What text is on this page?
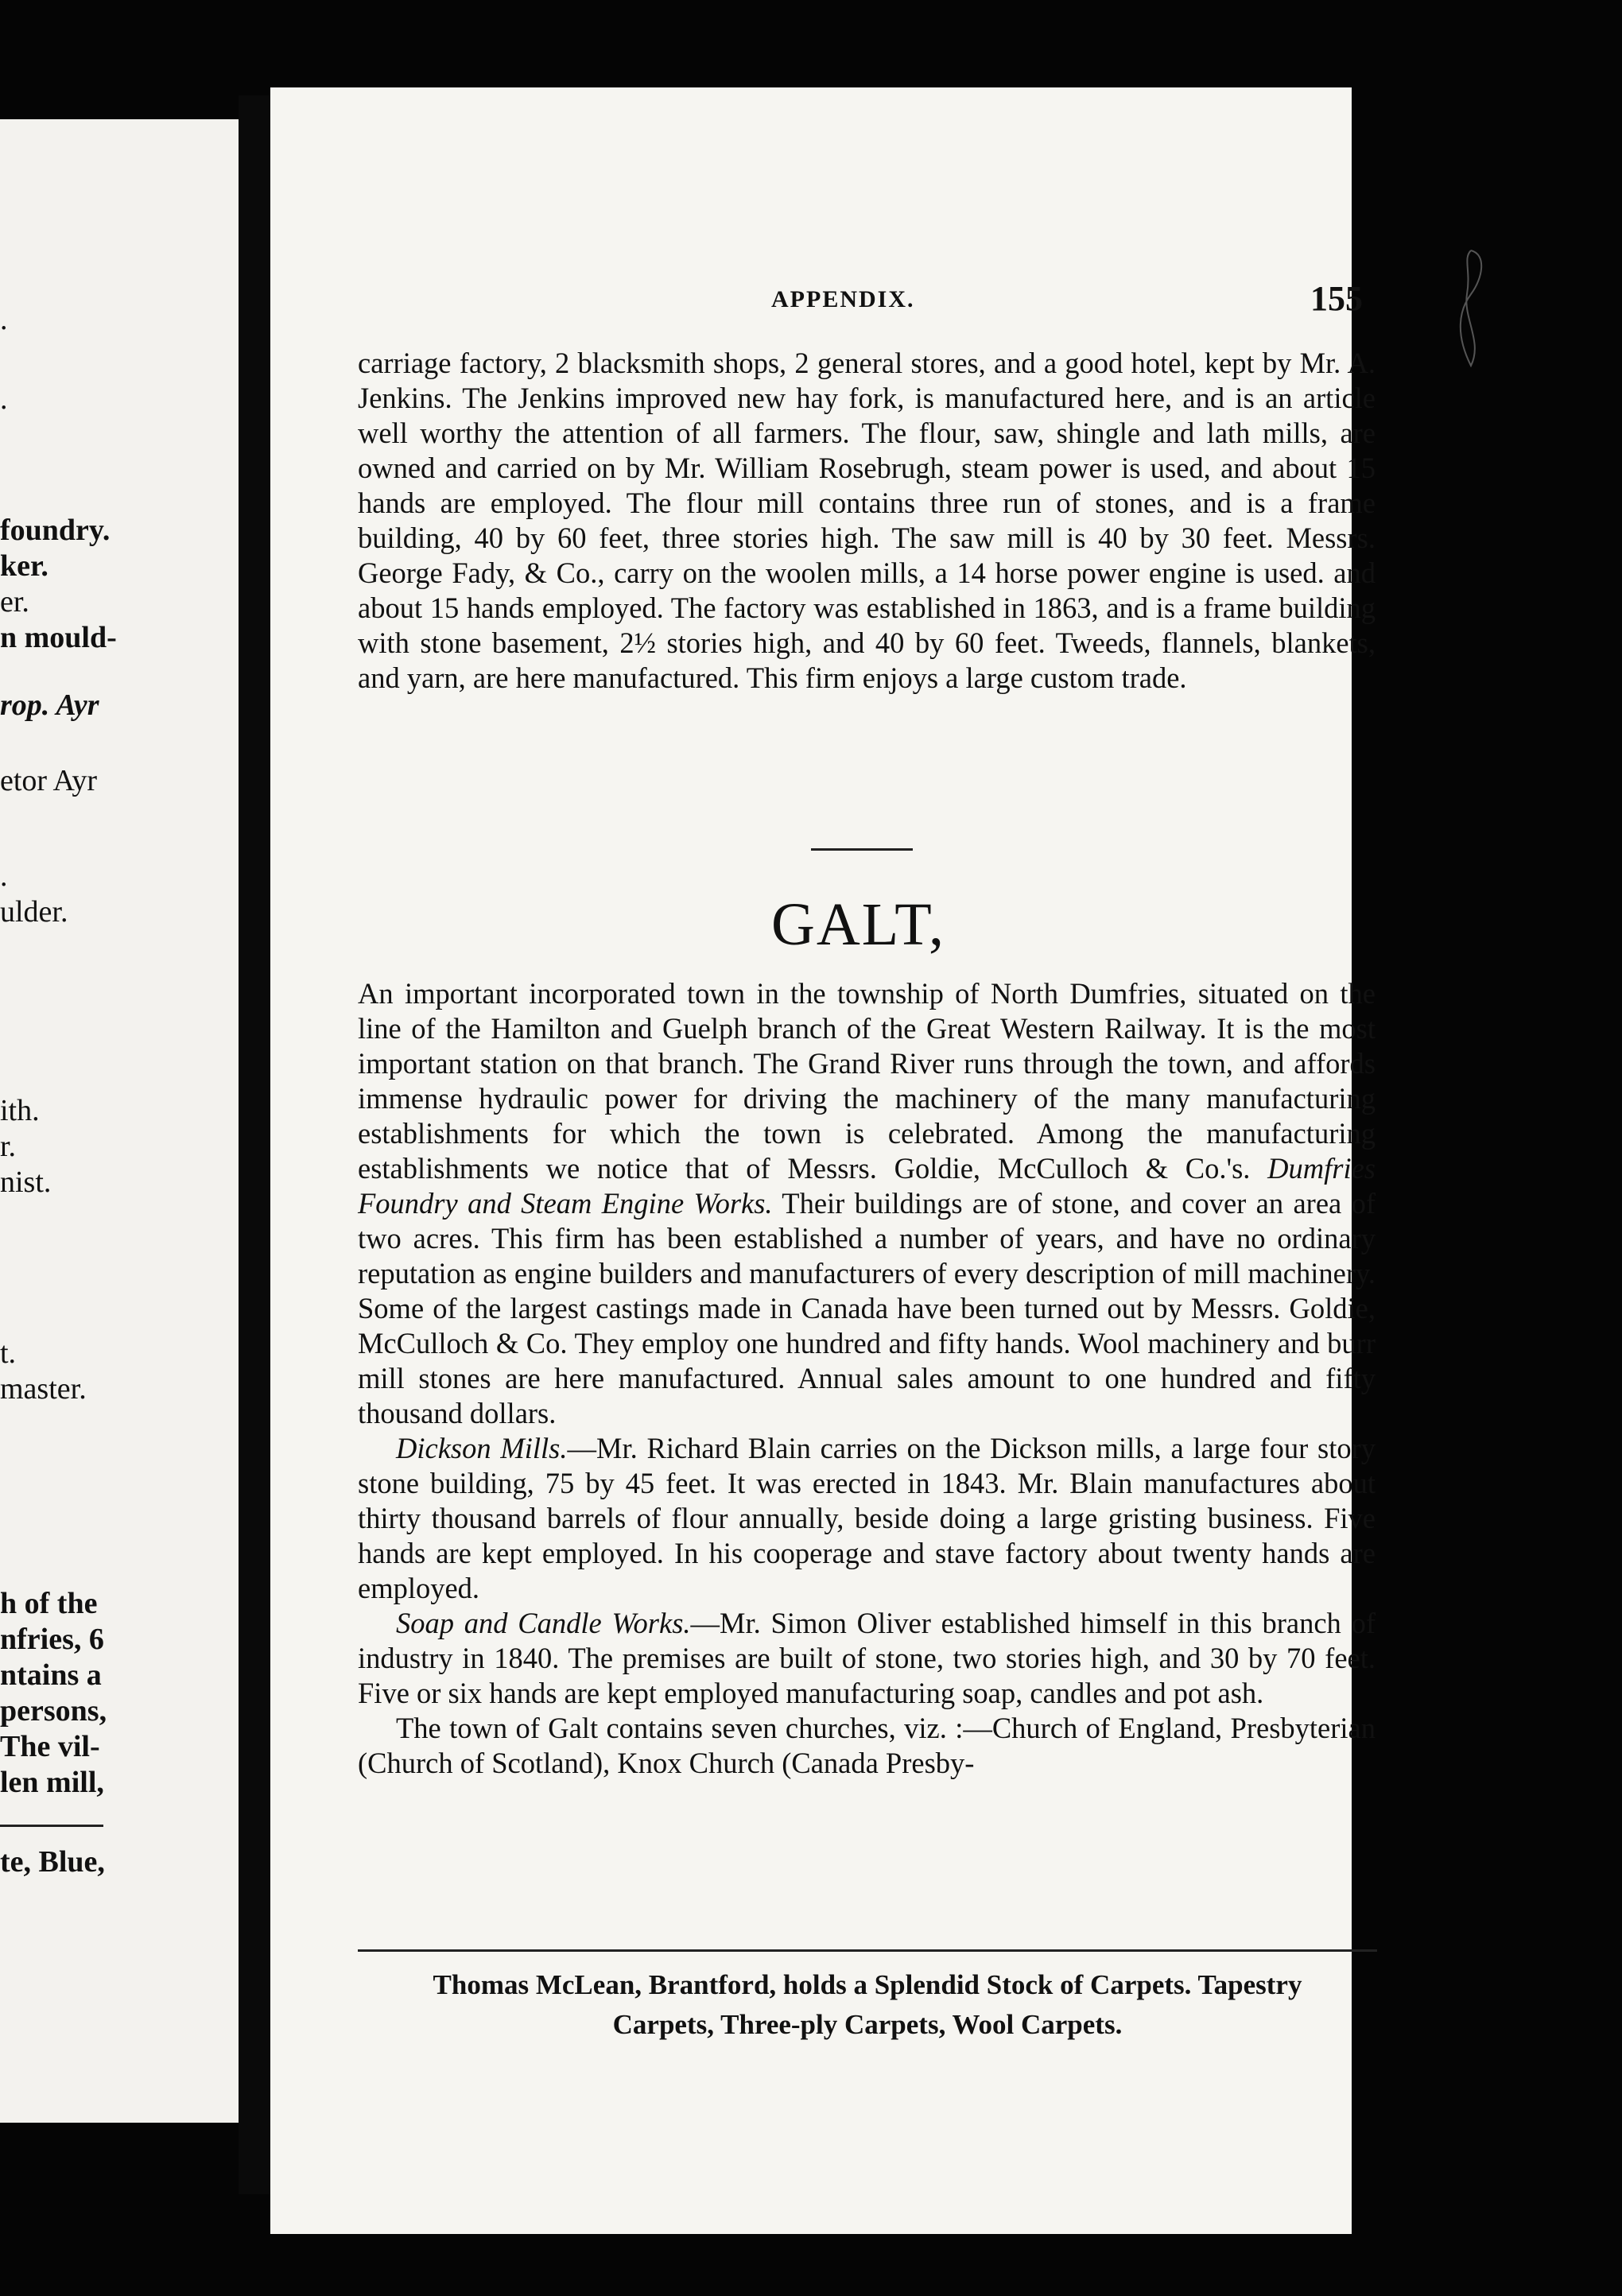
.
.
foundry.
ker.
er.
n mould-
rop. Ayr
etor Ayr
.
ulder.
ith.
r.
nist.
t.
master.
h of the
nfries, 6
ntains a
persons,
The vil-
len mill,
te, Blue,
APPENDIX.	155

carriage factory, 2 blacksmith shops, 2 general stores, and a good hotel, kept by Mr. A. Jenkins. The Jenkins improved new hay fork, is manufactured here, and is an article well worthy the attention of all farmers. The flour, saw, shingle and lath mills, are owned and carried on by Mr. William Rosebrugh, steam power is used, and about 15 hands are employed. The flour mill contains three run of stones, and is a frame building, 40 by 60 feet, three stories high. The saw mill is 40 by 30 feet. Messrs. George Fady, & Co., carry on the woolen mills, a 14 horse power engine is used. and about 15 hands employed. The factory was established in 1863, and is a frame building with stone basement, 2½ stories high, and 40 by 60 feet. Tweeds, flannels, blankets, and yarn, are here manufactured. This firm enjoys a large custom trade.

GALT,

An important incorporated town in the township of North Dumfries, situated on the line of the Hamilton and Guelph branch of the Great Western Railway. It is the most important station on that branch. The Grand River runs through the town, and affords immense hydraulic power for driving the machinery of the many manufacturing establishments for which the town is celebrated. Among the manufacturing establishments we notice that of Messrs. Goldie, McCulloch & Co.'s. Dumfries Foundry and Steam Engine Works. Their buildings are of stone, and cover an area of two acres. This firm has been established a number of years, and have no ordinary reputation as engine builders and manufacturers of every description of mill machinery. Some of the largest castings made in Canada have been turned out by Messrs. Goldie, McCulloch & Co. They employ one hundred and fifty hands. Wool machinery and burr mill stones are here manufactured. Annual sales amount to one hundred and fifty thousand dollars.

Dickson Mills.—Mr. Richard Blain carries on the Dickson mills, a large four story stone building, 75 by 45 feet. It was erected in 1843. Mr. Blain manufactures about thirty thousand barrels of flour annually, beside doing a large gristing business. Five hands are kept employed. In his cooperage and stave factory about twenty hands are employed.

Soap and Candle Works.—Mr. Simon Oliver established himself in this branch of industry in 1840. The premises are built of stone, two stories high, and 30 by 70 feet. Five or six hands are kept employed manufacturing soap, candles and pot ash.

The town of Galt contains seven churches, viz. :—Church of England, Presbyterian (Church of Scotland), Knox Church (Canada Presby-

Thomas McLean, Brantford, holds a Splendid Stock of Carpets. Tapestry
Carpets, Three-ply Carpets, Wool Carpets.
